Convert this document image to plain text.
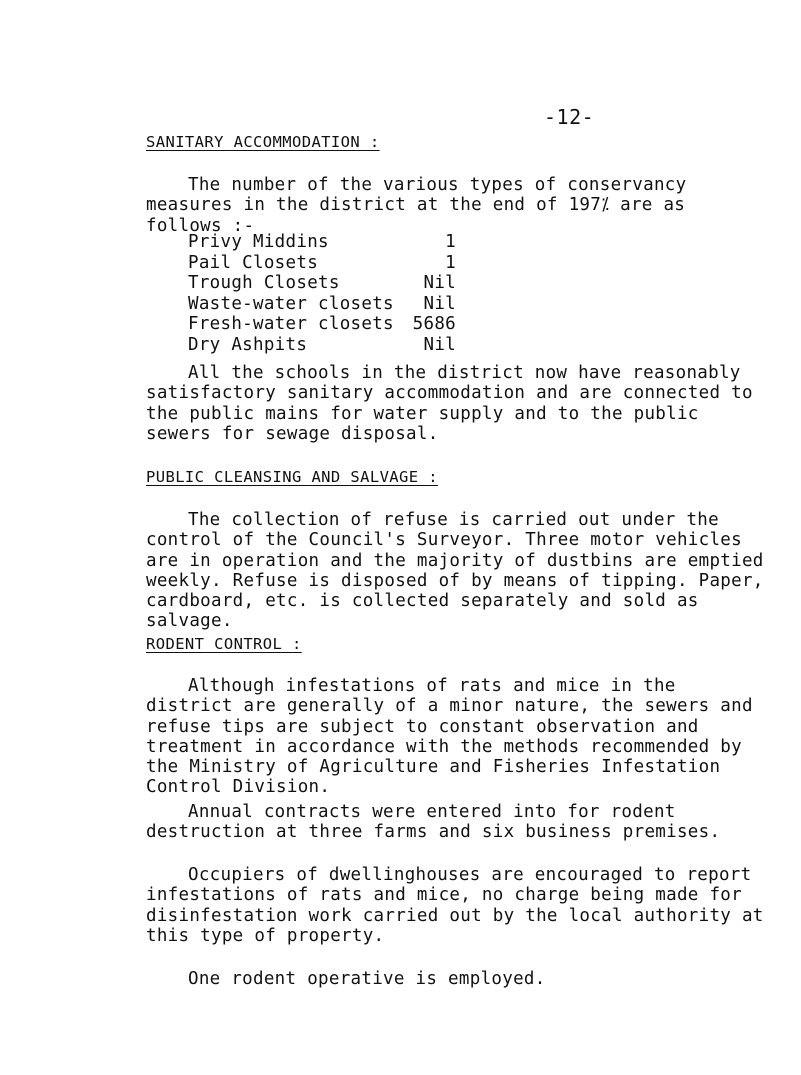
-12-
SANITARY ACCOMMODATION :

The number of the various types of conservancy measures in the district at the end of 197⁒ are as follows :-

Privy Middins	1
Pail Closets	1
Trough Closets	Nil
Waste-water closets Nil
Fresh-water closets 5686
Dry Ashpits	Nil

All the schools in the district now have reasonably satisfactory sanitary accommodation and are connected to the public mains for water supply and to the public sewers for sewage disposal.

PUBLIC CLEANSING AND SALVAGE :

The collection of refuse is carried out under the control of the Council's Surveyor. Three motor vehicles are in operation and the majority of dustbins are emptied weekly. Refuse is disposed of by means of tipping. Paper, cardboard, etc. is collected separately and sold as salvage.

RODENT CONTROL :

Although infestations of rats and mice in the district are generally of a minor nature, the sewers and refuse tips are subject to constant observation and treatment in accordance with the methods recommended by the Ministry of Agriculture and Fisheries Infestation Control Division.

Annual contracts were entered into for rodent destruction at three farms and six business premises.

Occupiers of dwellinghouses are encouraged to report infestations of rats and mice, no charge being made for disinfestation work carried out by the local authority at this type of property.

One rodent operative is employed.
